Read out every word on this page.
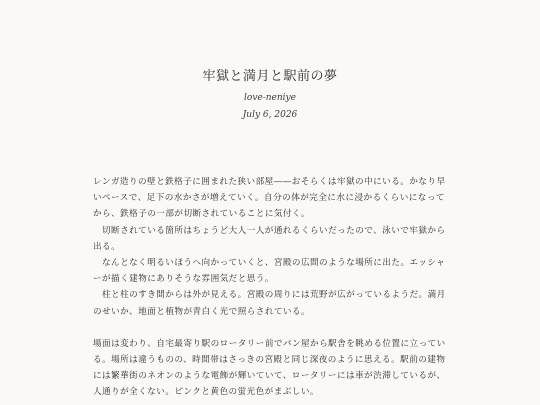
牢獄と満月と駅前の夢
love-neniye
July 6, 2026

レンガ造りの壁と鉄格子に囲まれた狭い部屋――おそらくは牢獄の中にいる。かなり早いペースで、足下の水かさが増えていく。自分の体が完全に水に浸かるくらいになってから、鉄格子の一部が切断されていることに気付く。

切断されている箇所はちょうど大人一人が通れるくらいだったので、泳いで牢獄から出る。

なんとなく明るいほうへ向かっていくと、宮殿の広間のような場所に出た。エッシャーが描く建物にありそうな雰囲気だと思う。

柱と柱のすき間からは外が見える。宮殿の周りには荒野が広がっているようだ。満月のせいか、地面と植物が青白く光で照らされている。

場面は変わり、自宅最寄り駅のロータリー前でパン屋から駅舎を眺める位置に立っている。場所は違うものの、時間帯はさっきの宮殿と同じ深夜のように思える。駅前の建物には繁華街のネオンのような電飾が輝いていて、ロータリーには車が渋滞しているが、人通りが全くない。ピンクと黄色の蛍光色がまぶしい。
